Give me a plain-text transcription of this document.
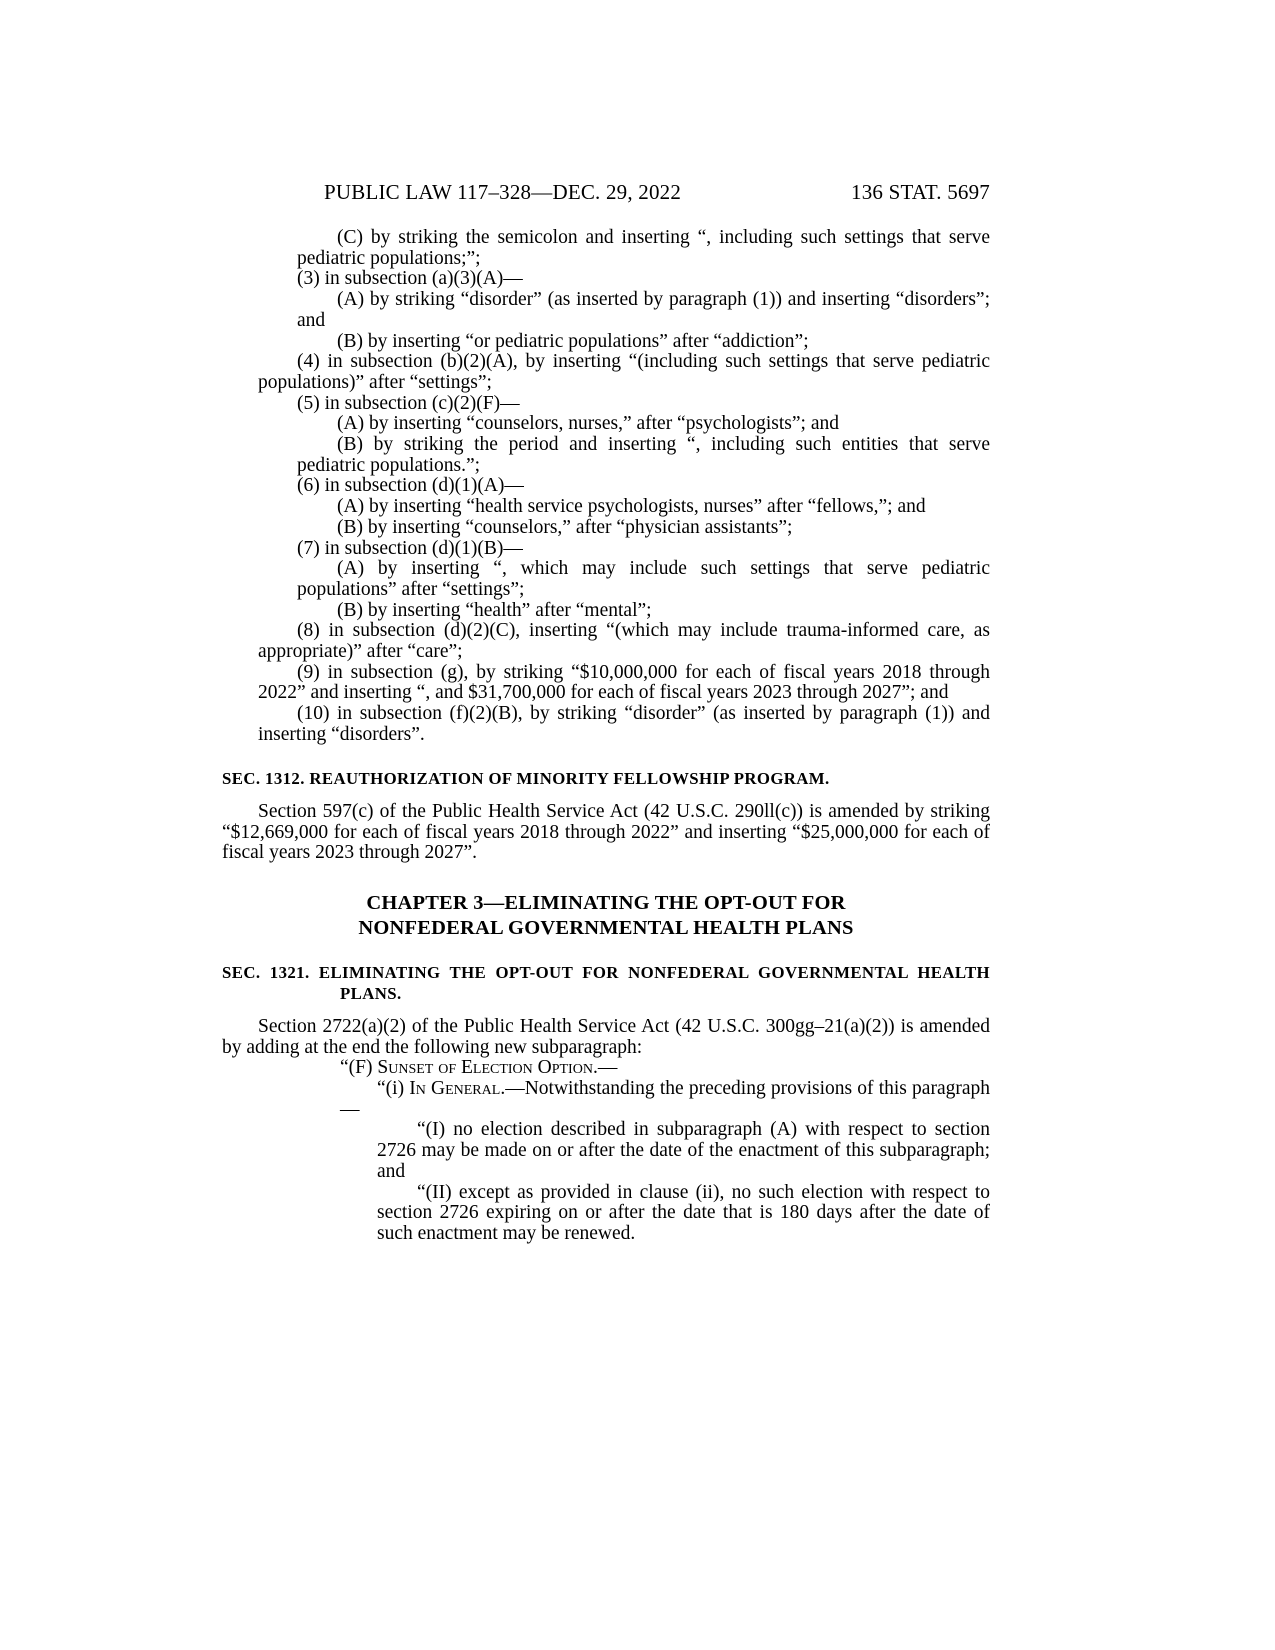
PUBLIC LAW 117–328—DEC. 29, 2022	136 STAT. 5697
(C) by striking the semicolon and inserting “, including such settings that serve pediatric populations;”;
(3) in subsection (a)(3)(A)—
(A) by striking “disorder” (as inserted by paragraph (1)) and inserting “disorders”; and
(B) by inserting “or pediatric populations” after “addiction”;
(4) in subsection (b)(2)(A), by inserting “(including such settings that serve pediatric populations)” after “settings”;
(5) in subsection (c)(2)(F)—
(A) by inserting “counselors, nurses,” after “psychologists”; and
(B) by striking the period and inserting “, including such entities that serve pediatric populations.”;
(6) in subsection (d)(1)(A)—
(A) by inserting “health service psychologists, nurses” after “fellows,”; and
(B) by inserting “counselors,” after “physician assistants”;
(7) in subsection (d)(1)(B)—
(A) by inserting “, which may include such settings that serve pediatric populations” after “settings”;
(B) by inserting “health” after “mental”;
(8) in subsection (d)(2)(C), inserting “(which may include trauma-informed care, as appropriate)” after “care”;
(9) in subsection (g), by striking “$10,000,000 for each of fiscal years 2018 through 2022” and inserting “, and $31,700,000 for each of fiscal years 2023 through 2027”; and
(10) in subsection (f)(2)(B), by striking “disorder” (as inserted by paragraph (1)) and inserting “disorders”.
SEC. 1312. REAUTHORIZATION OF MINORITY FELLOWSHIP PROGRAM.
Section 597(c) of the Public Health Service Act (42 U.S.C. 290ll(c)) is amended by striking “$12,669,000 for each of fiscal years 2018 through 2022” and inserting “$25,000,000 for each of fiscal years 2023 through 2027”.
CHAPTER 3—ELIMINATING THE OPT-OUT FOR
NONFEDERAL GOVERNMENTAL HEALTH PLANS
SEC. 1321. ELIMINATING THE OPT-OUT FOR NONFEDERAL GOVERNMENTAL HEALTH PLANS.
Section 2722(a)(2) of the Public Health Service Act (42 U.S.C. 300gg–21(a)(2)) is amended by adding at the end the following new subparagraph:
“(F) Sunset of Election Option.—
“(i) In General.—Notwithstanding the preceding provisions of this paragraph—
“(I) no election described in subparagraph (A) with respect to section 2726 may be made on or after the date of the enactment of this subparagraph; and
“(II) except as provided in clause (ii), no such election with respect to section 2726 expiring on or after the date that is 180 days after the date of such enactment may be renewed.
